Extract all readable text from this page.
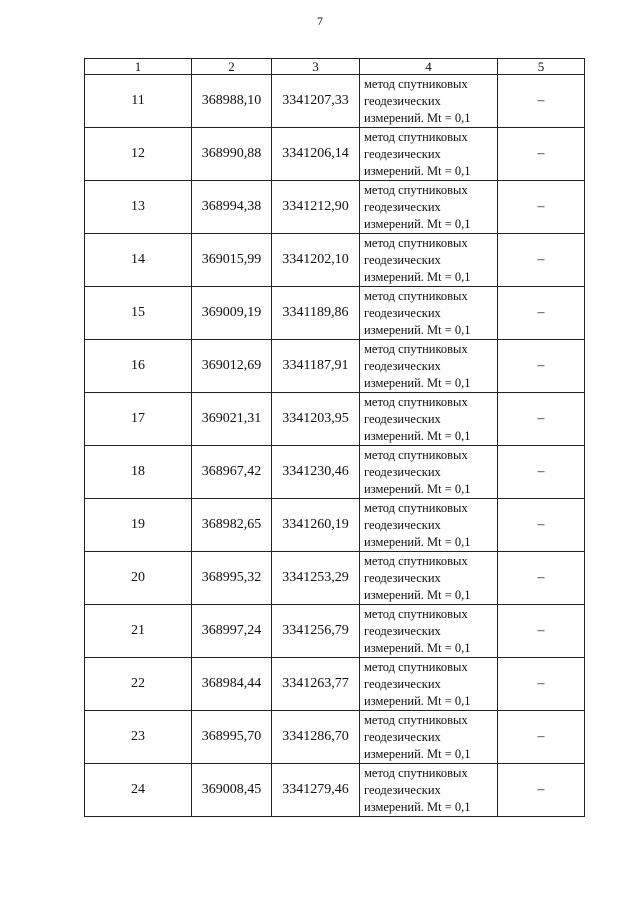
7
1	2	3	4	5
11	368988,10	3341207,33	метод спутниковых
геодезических
измерений. Mt = 0,1	–
12	368990,88	3341206,14	метод спутниковых
геодезических
измерений. Mt = 0,1	–
13	368994,38	3341212,90	метод спутниковых
геодезических
измерений. Mt = 0,1	–
14	369015,99	3341202,10	метод спутниковых
геодезических
измерений. Mt = 0,1	–
15	369009,19	3341189,86	метод спутниковых
геодезических
измерений. Mt = 0,1	–
16	369012,69	3341187,91	метод спутниковых
геодезических
измерений. Mt = 0,1	–
17	369021,31	3341203,95	метод спутниковых
геодезических
измерений. Mt = 0,1	–
18	368967,42	3341230,46	метод спутниковых
геодезических
измерений. Mt = 0,1	–
19	368982,65	3341260,19	метод спутниковых
геодезических
измерений. Mt = 0,1	–
20	368995,32	3341253,29	метод спутниковых
геодезических
измерений. Mt = 0,1	–
21	368997,24	3341256,79	метод спутниковых
геодезических
измерений. Mt = 0,1	–
22	368984,44	3341263,77	метод спутниковых
геодезических
измерений. Mt = 0,1	–
23	368995,70	3341286,70	метод спутниковых
геодезических
измерений. Mt = 0,1	–
24	369008,45	3341279,46	метод спутниковых
геодезических
измерений. Mt = 0,1	–
